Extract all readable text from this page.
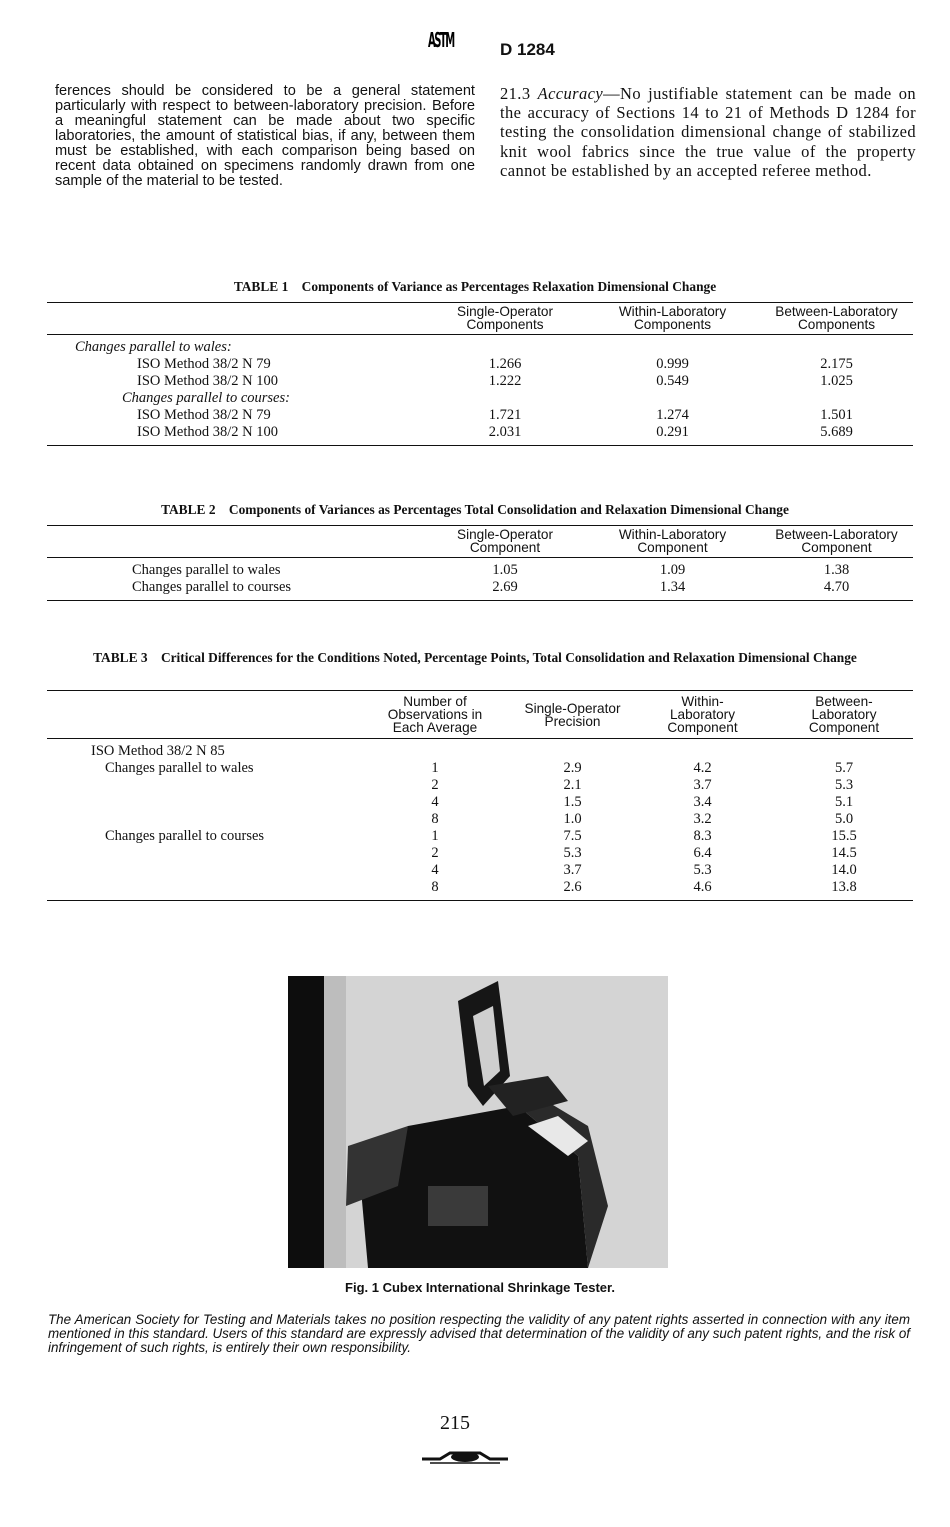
ASTM	D 1284

ferences should be considered to be a general statement particularly with respect to between-laboratory precision. Before a meaningful statement can be made about two specific laboratories, the amount of statistical bias, if any, between them must be established, with each comparison being based on recent data obtained on specimens randomly drawn from one sample of the material to be tested.

21.3 Accuracy—No justifiable statement can be made on the accuracy of Sections 14 to 21 of Methods D 1284 for testing the consolidation dimensional change of stabilized knit wool fabrics since the true value of the property cannot be established by an accepted referee method.

TABLE 1 Components of Variance as Percentages Relaxation Dimensional Change
	Single-Operator Components	Within-Laboratory Components	Between-Laboratory Components
Changes parallel to wales:			
ISO Method 38/2 N 79	1.266	0.999	2.175
ISO Method 38/2 N 100	1.222	0.549	1.025
Changes parallel to courses:			
ISO Method 38/2 N 79	1.721	1.274	1.501
ISO Method 38/2 N 100	2.031	0.291	5.689
TABLE 2 Components of Variances as Percentages Total Consolidation and Relaxation Dimensional Change
	Single-Operator Component	Within-Laboratory Component	Between-Laboratory Component
Changes parallel to wales	1.05	1.09	1.38
Changes parallel to courses	2.69	1.34	4.70
TABLE 3 Critical Differences for the Conditions Noted, Percentage Points, Total Consolidation and Relaxation Dimensional Change
	Number of Observations in Each Average	Single-Operator Precision	Within-Laboratory Component	Between-Laboratory Component
ISO Method 38/2 N 85				
Changes parallel to wales	1	2.9	4.2	5.7
	2	2.1	3.7	5.3
	4	1.5	3.4	5.1
	8	1.0	3.2	5.0
Changes parallel to courses	1	7.5	8.3	15.5
	2	5.3	6.4	14.5
	4	3.7	5.3	14.0
	8	2.6	4.6	13.8
Fig. 1 Cubex International Shrinkage Tester.
The American Society for Testing and Materials takes no position respecting the validity of any patent rights asserted in connection with any item mentioned in this standard. Users of this standard are expressly advised that determination of the validity of any such patent rights, and the risk of infringement of such rights, is entirely their own responsibility.
215
